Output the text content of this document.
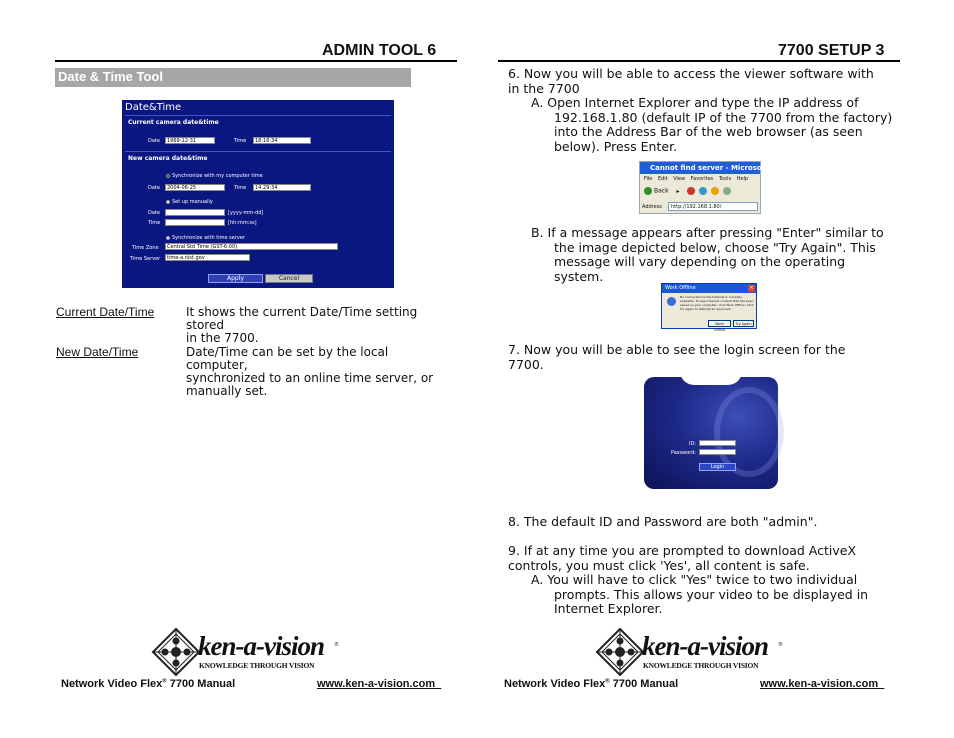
ADMIN TOOL 6
Date & Time Tool
Date&Time
Current camera date&time
Date	1969-12-31	Time	18:16:34
New camera date&time
Synchronize with my computer time
Date	2004-06-25	Time	14:29:34
Set up manually
Date	[yyyy-mm-dd]
Time	[hh:mm:ss]
Synchronize with time server
Time Zone	Central Std Time (GST-6:00)
Time Server	time-a.nist.gov
Apply	Cancel
Current Date/Time	It shows the current Date/Time setting stored
in the 7700.
New Date/Time	Date/Time can be set by the local computer,
synchronized to an online time server, or
manually set.
ken-a-vision ®
KNOWLEDGE THROUGH VISION
Network Video Flex® 7700 Manual	www.ken-a-vision.com
7700 SETUP 3
6. Now you will be able to access the viewer software with
in the 7700
A. Open Internet Explorer and type the IP address of
192.168.1.80 (default IP of the 7700 from the factory)
into the Address Bar of the web browser (as seen
below). Press Enter.
Cannot find server - Microso
File Edit View Favorites Tools Help
Back ▸
Address	http://192.168.1.80/
B. If a message appears after pressing "Enter" similar to
the image depicted below, choose "Try Again". This
message will vary depending on the operating
system.
Work Offline	×
No connection to the Internet is currently available. To view Internet content that has been saved on your computer, click Work Offline. Click Try Again to attempt to reconnect.
Work Offline
Try Again
7. Now you will be able to see the login screen for the
7700.
ID:
Password:
Login
8. The default ID and Password are both "admin".
9. If at any time you are prompted to download ActiveX
controls, you must click 'Yes', all content is safe.
A. You will have to click "Yes" twice to two individual
prompts. This allows your video to be displayed in
Internet Explorer.
ken-a-vision ®
KNOWLEDGE THROUGH VISION
Network Video Flex® 7700 Manual	www.ken-a-vision.com
